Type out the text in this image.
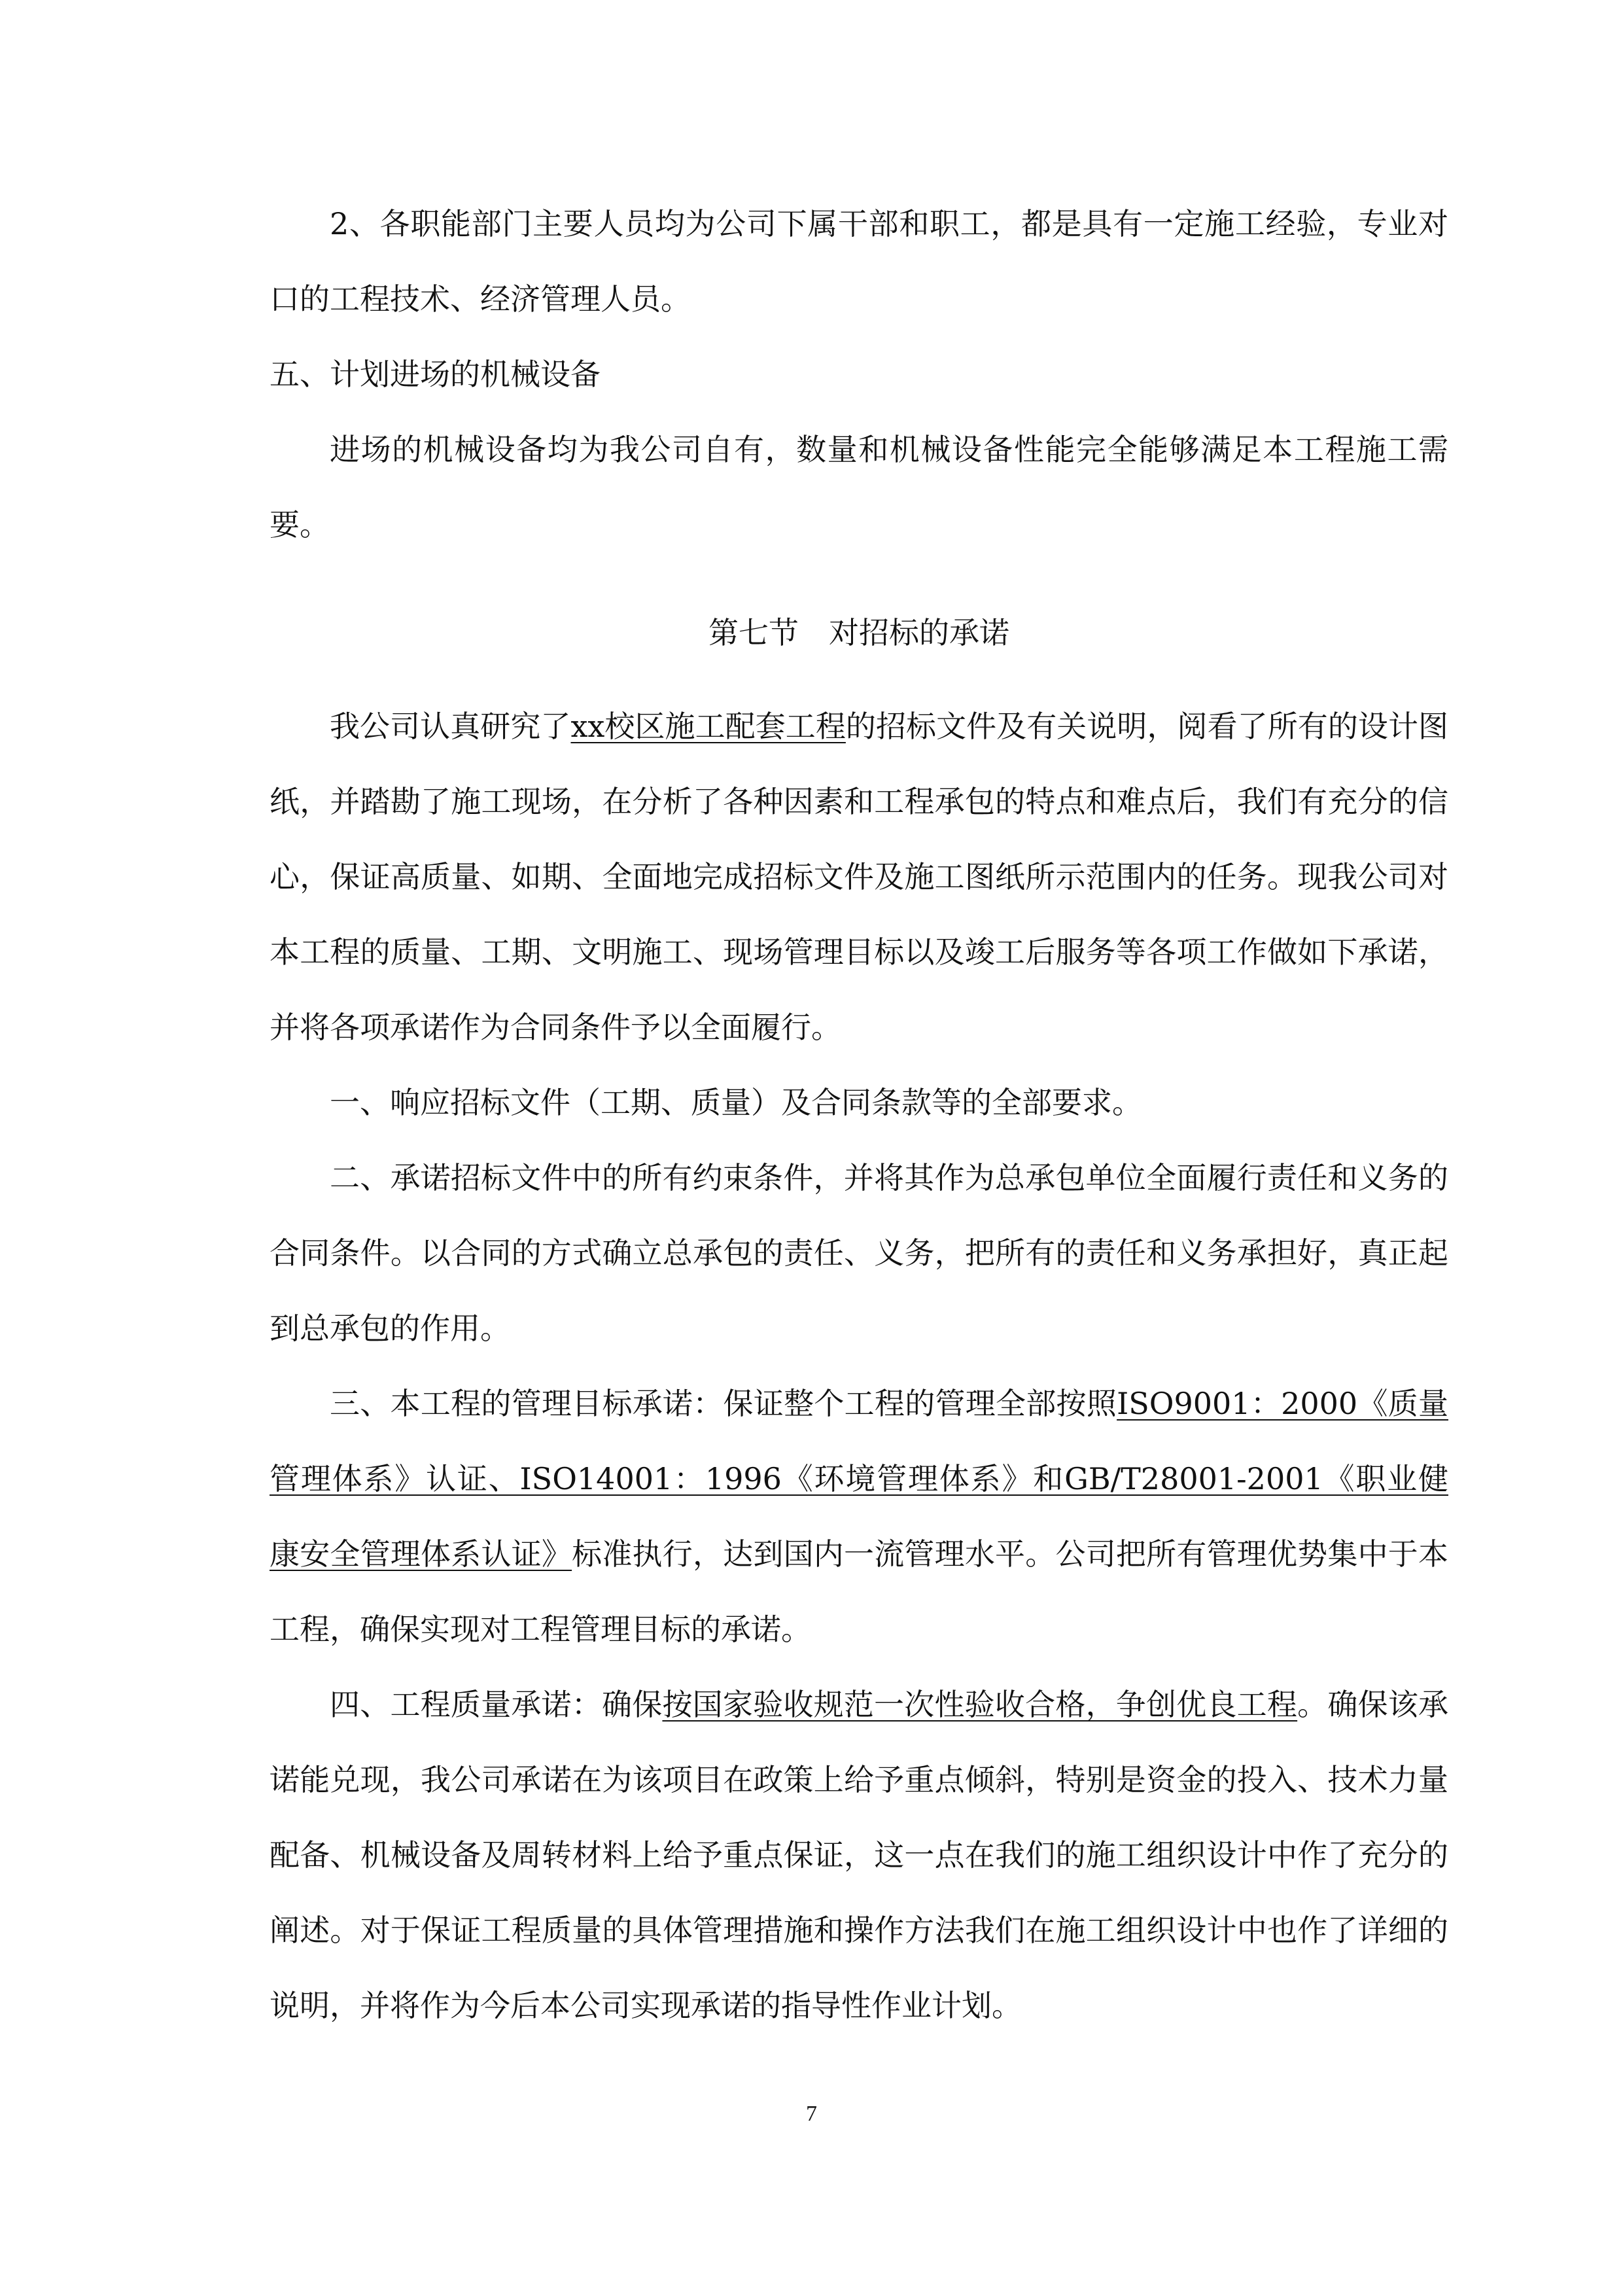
2、各职能部门主要人员均为公司下属干部和职工，都是具有一定施工经验，专业对口的工程技术、经济管理人员。

五、计划进场的机械设备

进场的机械设备均为我公司自有，数量和机械设备性能完全能够满足本工程施工需要。

第七节　对招标的承诺

我公司认真研究了xx校区施工配套工程的招标文件及有关说明，阅看了所有的设计图纸，并踏勘了施工现场，在分析了各种因素和工程承包的特点和难点后，我们有充分的信心，保证高质量、如期、全面地完成招标文件及施工图纸所示范围内的任务。现我公司对本工程的质量、工期、文明施工、现场管理目标以及竣工后服务等各项工作做如下承诺，并将各项承诺作为合同条件予以全面履行。

一、响应招标文件（工期、质量）及合同条款等的全部要求。

二、承诺招标文件中的所有约束条件，并将其作为总承包单位全面履行责任和义务的合同条件。以合同的方式确立总承包的责任、义务，把所有的责任和义务承担好，真正起到总承包的作用。

三、本工程的管理目标承诺：保证整个工程的管理全部按照ISO9001：2000《质量管理体系》认证、ISO14001：1996《环境管理体系》和GB/T28001-2001《职业健康安全管理体系认证》标准执行，达到国内一流管理水平。公司把所有管理优势集中于本工程，确保实现对工程管理目标的承诺。

四、工程质量承诺：确保按国家验收规范一次性验收合格，争创优良工程。确保该承诺能兑现，我公司承诺在为该项目在政策上给予重点倾斜，特别是资金的投入、技术力量配备、机械设备及周转材料上给予重点保证，这一点在我们的施工组织设计中作了充分的阐述。对于保证工程质量的具体管理措施和操作方法我们在施工组织设计中也作了详细的说明，并将作为今后本公司实现承诺的指导性作业计划。

7
